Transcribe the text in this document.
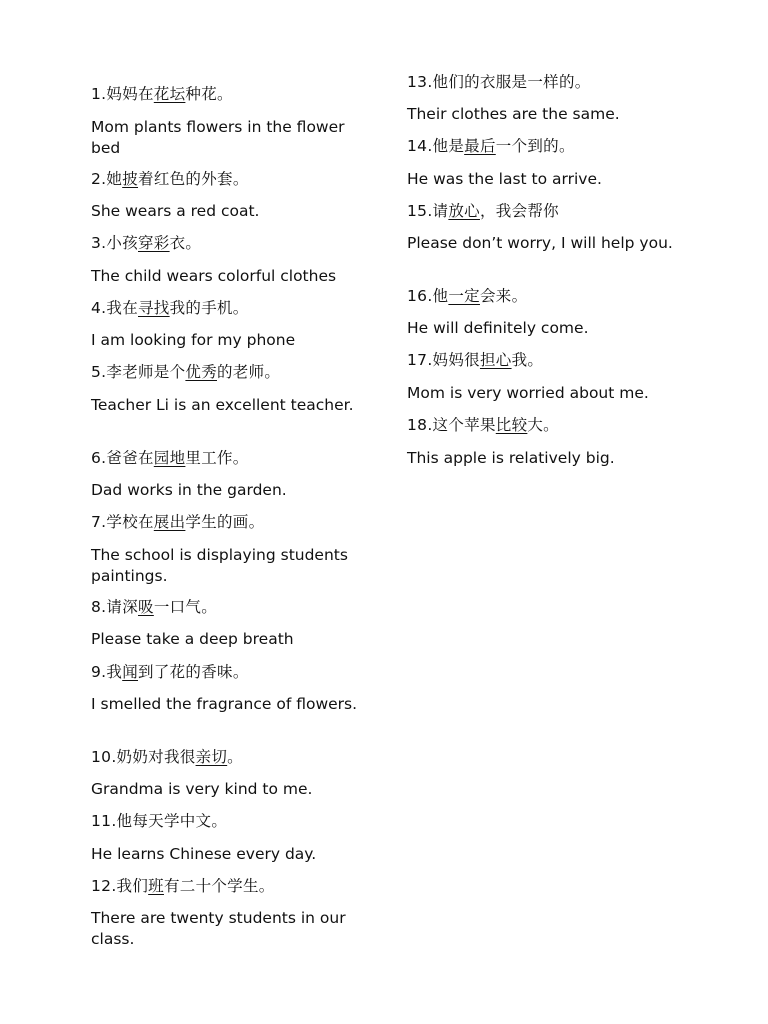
1.妈妈在花坛种花。
Mom plants flowers in the flower bed
2.她披着红色的外套。
She wears a red coat.
3.小孩穿彩衣。
The child wears colorful clothes
4.我在寻找我的手机。
I am looking for my phone
5.李老师是个优秀的老师。
Teacher Li is an excellent teacher.
6.爸爸在园地里工作。
Dad works in the garden.
7.学校在展出学生的画。
The school is displaying students paintings.
8.请深吸一口气。
Please take a deep breath
9.我闻到了花的香味。
I smelled the fragrance of flowers.
10.奶奶对我很亲切。
Grandma is very kind to me.
11.他每天学中文。
He learns Chinese every day.
12.我们班有二十个学生。
There are twenty students in our class.
13.他们的衣服是一样的。
Their clothes are the same.
14.他是最后一个到的。
He was the last to arrive.
15.请放心，我会帮你
Please don’t worry, I will help you.
16.他一定会来。
He will definitely come.
17.妈妈很担心我。
Mom is very worried about me.
18.这个苹果比较大。
This apple is relatively big.
